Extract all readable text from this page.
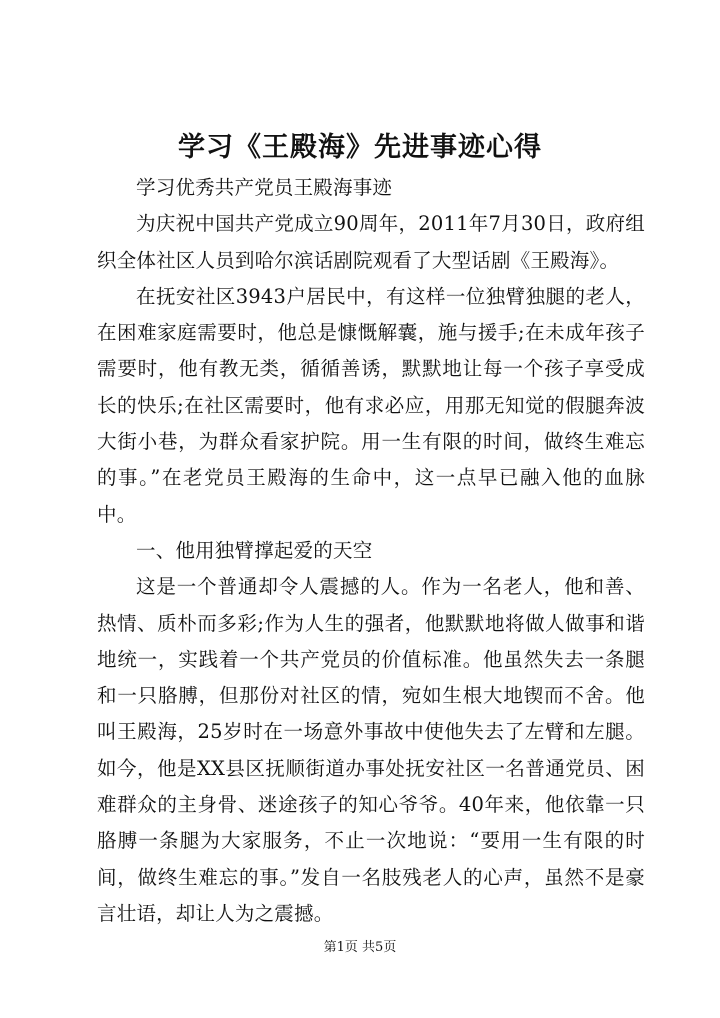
学习《王殿海》先进事迹心得

学习优秀共产党员王殿海事迹

为庆祝中国共产党成立90周年，2011年7月30日，政府组织全体社区人员到哈尔滨话剧院观看了大型话剧《王殿海》。

在抚安社区3943户居民中，有这样一位独臂独腿的老人，在困难家庭需要时，他总是慷慨解囊，施与援手;在未成年孩子需要时，他有教无类，循循善诱，默默地让每一个孩子享受成长的快乐;在社区需要时，他有求必应，用那无知觉的假腿奔波大街小巷，为群众看家护院。用一生有限的时间，做终生难忘的事。”在老党员王殿海的生命中，这一点早已融入他的血脉中。

一、他用独臂撑起爱的天空

这是一个普通却令人震撼的人。作为一名老人，他和善、热情、质朴而多彩;作为人生的强者，他默默地将做人做事和谐地统一，实践着一个共产党员的价值标准。他虽然失去一条腿和一只胳膊，但那份对社区的情，宛如生根大地锲而不舍。他叫王殿海，25岁时在一场意外事故中使他失去了左臂和左腿。如今，他是XX县区抚顺街道办事处抚安社区一名普通党员、困难群众的主身骨、迷途孩子的知心爷爷。40年来，他依靠一只胳膊一条腿为大家服务，不止一次地说：“要用一生有限的时间，做终生难忘的事。”发自一名肢残老人的心声，虽然不是豪言壮语，却让人为之震撼。

第1页 共5页
